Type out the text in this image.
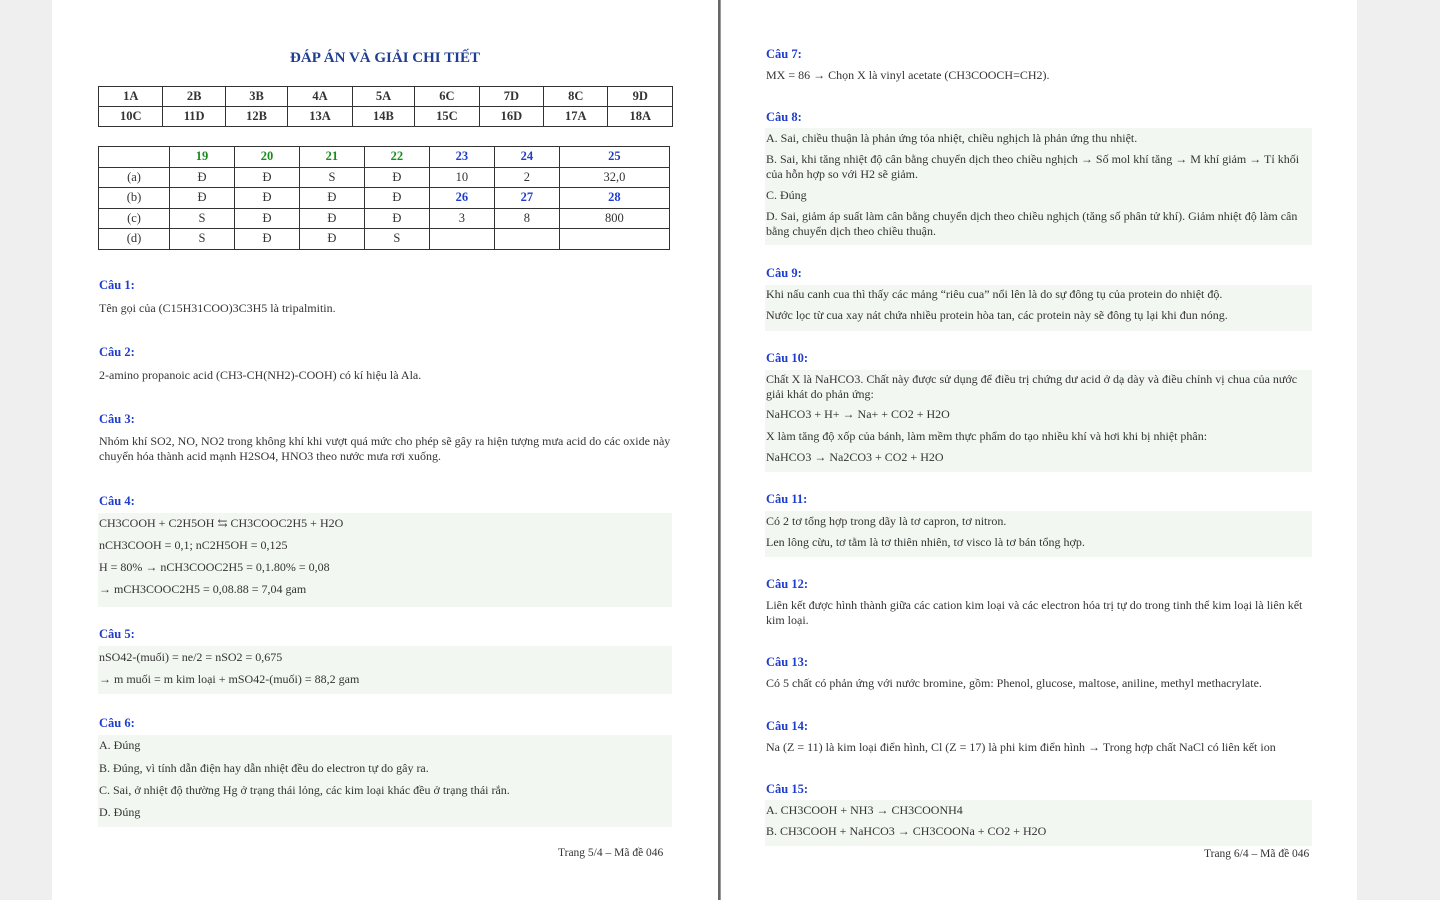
ĐÁP ÁN VÀ GIẢI CHI TIẾT
1A	2B	3B	4A	5A	6C	7D	8C	9D
10C	11D	12B	13A	14B	15C	16D	17A	18A
	19	20	21	22	23	24	25
(a)	Đ	Đ	S	Đ	10	2	32,0
(b)	Đ	Đ	Đ	Đ	26	27	28
(c)	S	Đ	Đ	Đ	3	8	800
(d)	S	Đ	Đ	S			
Câu 1:
Tên gọi của (C15H31COO)3C3H5 là tripalmitin.
Câu 2:
2-amino propanoic acid (CH3-CH(NH2)-COOH) có kí hiệu là Ala.
Câu 3:
Nhóm khí SO2, NO, NO2 trong không khí khi vượt quá mức cho phép sẽ gây ra hiện tượng mưa acid do các oxide này chuyển hóa thành acid mạnh H2SO4, HNO3 theo nước mưa rơi xuống.
Câu 4:
CH3COOH + C2H5OH ⇆ CH3COOC2H5 + H2O
nCH3COOH = 0,1; nC2H5OH = 0,125
H = 80% → nCH3COOC2H5 = 0,1.80% = 0,08
→ mCH3COOC2H5 = 0,08.88 = 7,04 gam
Câu 5:
nSO42-(muối) = ne/2 = nSO2 = 0,675
→ m muối = m kim loại + mSO42-(muối) = 88,2 gam
Câu 6:
A. Đúng
B. Đúng, vì tính dẫn điện hay dẫn nhiệt đều do electron tự do gây ra.
C. Sai, ở nhiệt độ thường Hg ở trạng thái lỏng, các kim loại khác đều ở trạng thái rắn.
D. Đúng
Trang 5/4 – Mã đề 046
Câu 7:
MX = 86 → Chọn X là vinyl acetate (CH3COOCH=CH2).
Câu 8:
A. Sai, chiều thuận là phản ứng tỏa nhiệt, chiều nghịch là phản ứng thu nhiệt.
B. Sai, khi tăng nhiệt độ cân bằng chuyển dịch theo chiều nghịch → Số mol khí tăng → M khí giảm → Tỉ khối của hỗn hợp so với H2 sẽ giảm.
C. Đúng
D. Sai, giảm áp suất làm cân bằng chuyển dịch theo chiều nghịch (tăng số phân tử khí). Giảm nhiệt độ làm cân bằng chuyển dịch theo chiều thuận.
Câu 9:
Khi nấu canh cua thì thấy các mảng “riêu cua” nổi lên là do sự đông tụ của protein do nhiệt độ.
Nước lọc từ cua xay nát chứa nhiều protein hòa tan, các protein này sẽ đông tụ lại khi đun nóng.
Câu 10:
Chất X là NaHCO3. Chất này được sử dụng để điều trị chứng dư acid ở dạ dày và điều chỉnh vị chua của nước giải khát do phản ứng:
NaHCO3 + H+ → Na+ + CO2 + H2O
X làm tăng độ xốp của bánh, làm mềm thực phẩm do tạo nhiều khí và hơi khi bị nhiệt phân:
NaHCO3 → Na2CO3 + CO2 + H2O
Câu 11:
Có 2 tơ tổng hợp trong dãy là tơ capron, tơ nitron.
Len lông cừu, tơ tằm là tơ thiên nhiên, tơ visco là tơ bán tổng hợp.
Câu 12:
Liên kết được hình thành giữa các cation kim loại và các electron hóa trị tự do trong tinh thể kim loại là liên kết kim loại.
Câu 13:
Có 5 chất có phản ứng với nước bromine, gồm: Phenol, glucose, maltose, aniline, methyl methacrylate.
Câu 14:
Na (Z = 11) là kim loại điển hình, Cl (Z = 17) là phi kim điển hình → Trong hợp chất NaCl có liên kết ion
Câu 15:
A. CH3COOH + NH3 → CH3COONH4
B. CH3COOH + NaHCO3 → CH3COONa + CO2 + H2O
Trang 6/4 – Mã đề 046
